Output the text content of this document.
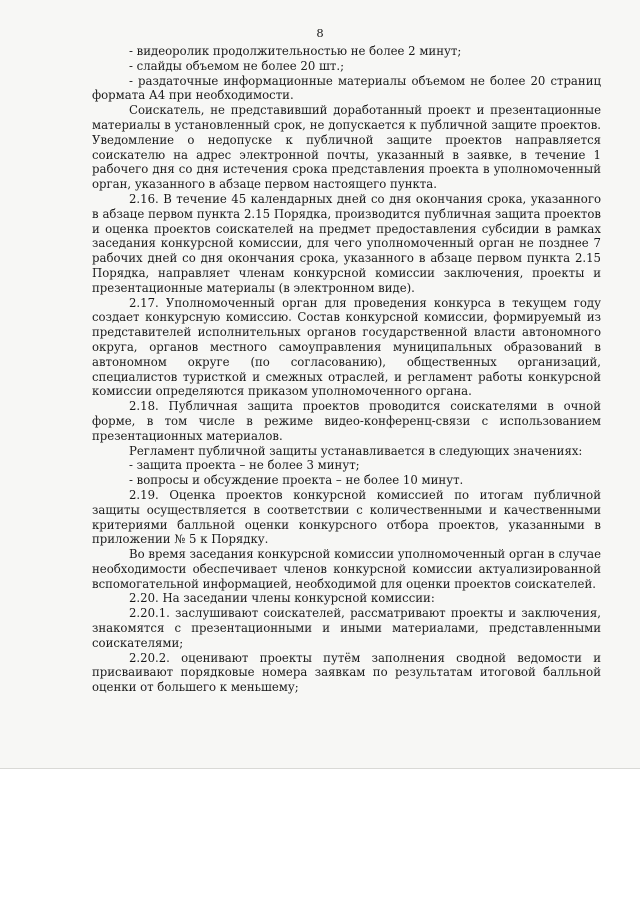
8

- видеоролик продолжительностью не более 2 минут;

- слайды объемом не более 20 шт.;

- раздаточные информационные материалы объемом не более 20 страниц формата А4 при необходимости.

Соискатель, не представивший доработанный проект и презентационные материалы в установленный срок, не допускается к публичной защите проектов. Уведомление о недопуске к публичной защите проектов направляется соискателю на адрес электронной почты, указанный в заявке, в течение 1 рабочего дня со дня истечения срока представления проекта в уполномоченный орган, указанного в абзаце первом настоящего пункта.

2.16. В течение 45 календарных дней со дня окончания срока, указанного в абзаце первом пункта 2.15 Порядка, производится публичная защита проектов и оценка проектов соискателей на предмет предоставления субсидии в рамках заседания конкурсной комиссии, для чего уполномоченный орган не позднее 7 рабочих дней со дня окончания срока, указанного в абзаце первом пункта 2.15 Порядка, направляет членам конкурсной комиссии заключения, проекты и презентационные материалы (в электронном виде).

2.17. Уполномоченный орган для проведения конкурса в текущем году создает конкурсную комиссию. Состав конкурсной комиссии, формируемый из представителей исполнительных органов государственной власти автономного округа, органов местного самоуправления муниципальных образований в автономном округе (по согласованию), общественных организаций, специалистов туристкой и смежных отраслей, и регламент работы конкурсной комиссии определяются приказом уполномоченного органа.

2.18. Публичная защита проектов проводится соискателями в очной форме, в том числе в режиме видео-конференц-связи с использованием презентационных материалов.

Регламент публичной защиты устанавливается в следующих значениях:

- защита проекта – не более 3 минут;

- вопросы и обсуждение проекта – не более 10 минут.

2.19. Оценка проектов конкурсной комиссией по итогам публичной защиты осуществляется в соответствии с количественными и качественными критериями балльной оценки конкурсного отбора проектов, указанными в приложении № 5 к Порядку.

Во время заседания конкурсной комиссии уполномоченный орган в случае необходимости обеспечивает членов конкурсной комиссии актуализированной вспомогательной информацией, необходимой для оценки проектов соискателей.

2.20. На заседании члены конкурсной комиссии:

2.20.1. заслушивают соискателей, рассматривают проекты и заключения, знакомятся с презентационными и иными материалами, представленными соискателями;

2.20.2. оценивают проекты путём заполнения сводной ведомости и присваивают порядковые номера заявкам по результатам итоговой балльной оценки от большего к меньшему;
